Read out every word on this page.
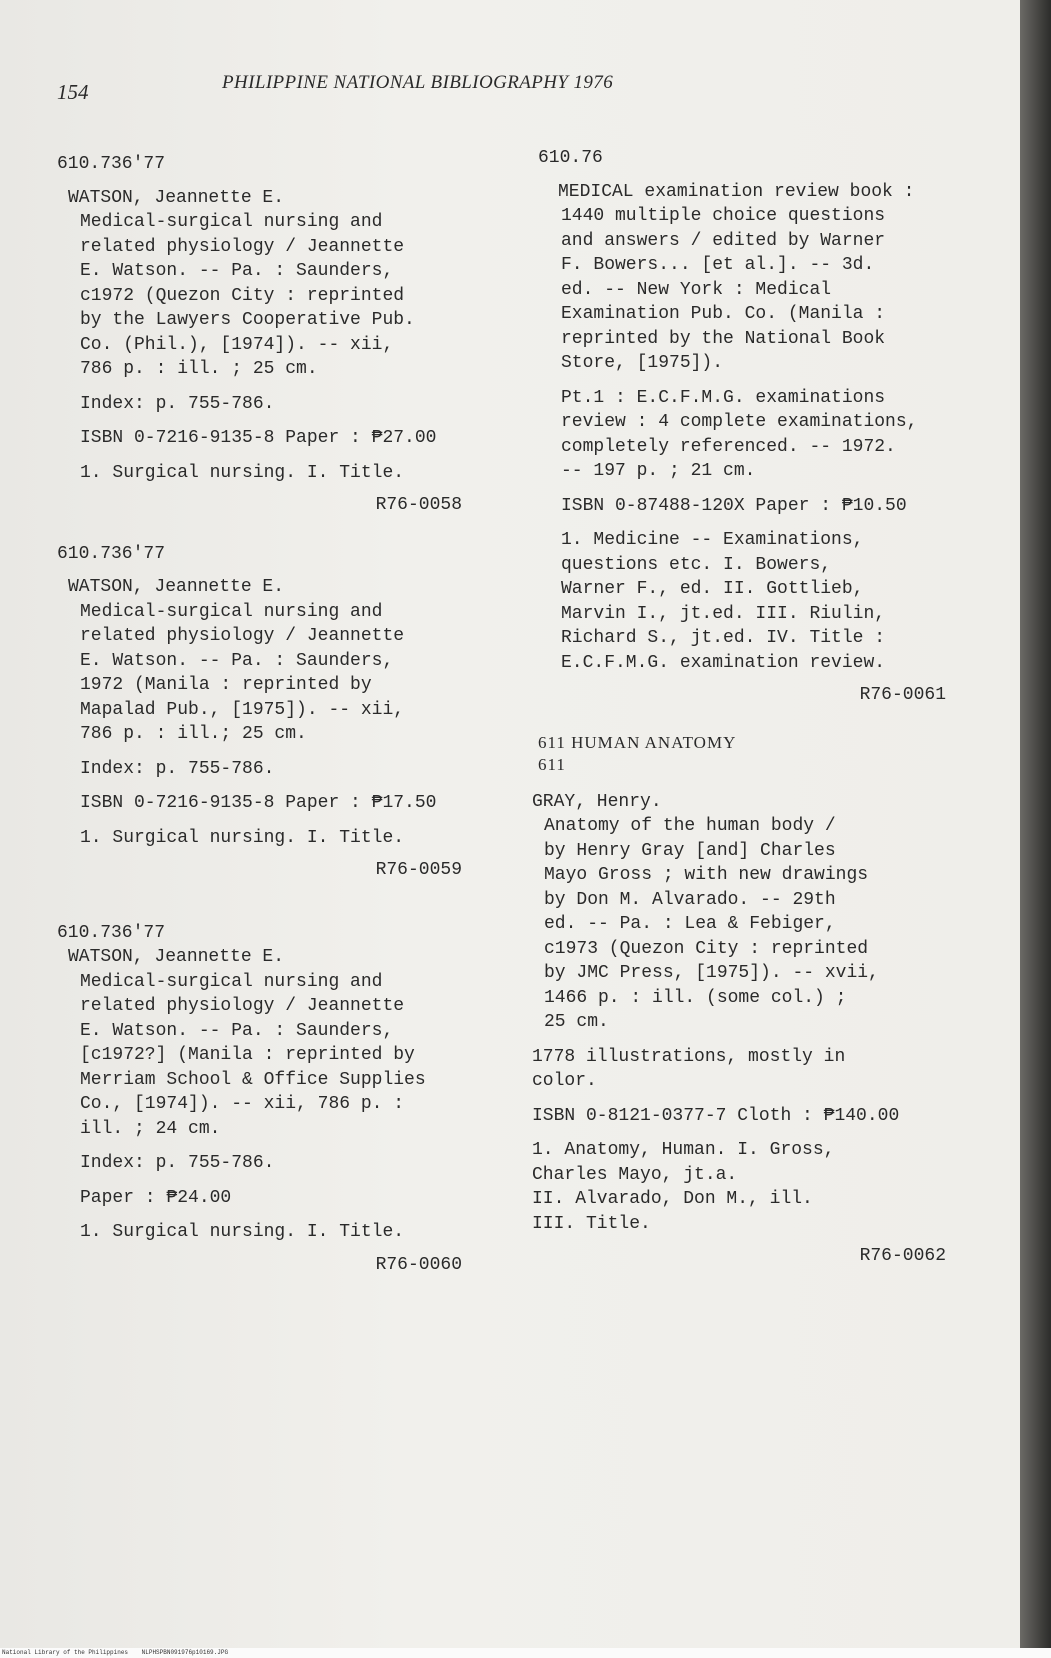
154	PHILIPPINE NATIONAL BIBLIOGRAPHY 1976
610.736'77
WATSON, Jeannette E.
Medical-surgical nursing and
related physiology / Jeannette
E. Watson. -- Pa. : Saunders,
c1972 (Quezon City : reprinted
by the Lawyers Cooperative Pub.
Co. (Phil.), [1974]). -- xii,
786 p. : ill. ; 25 cm.
Index: p. 755-786.
ISBN 0-7216-9135-8 Paper : ₱27.00
1. Surgical nursing. I. Title.
R76-0058
610.736'77
WATSON, Jeannette E.
Medical-surgical nursing and
related physiology / Jeannette
E. Watson. -- Pa. : Saunders,
1972 (Manila : reprinted by
Mapalad Pub., [1975]). -- xii,
786 p. : ill.; 25 cm.
Index: p. 755-786.
ISBN 0-7216-9135-8 Paper : ₱17.50
1. Surgical nursing. I. Title.
R76-0059
610.736'77
WATSON, Jeannette E.
Medical-surgical nursing and
related physiology / Jeannette
E. Watson. -- Pa. : Saunders,
[c1972?] (Manila : reprinted by
Merriam School & Office Supplies
Co., [1974]). -- xii, 786 p. :
ill. ; 24 cm.
Index: p. 755-786.
Paper : ₱24.00
1. Surgical nursing. I. Title.
R76-0060
610.76
MEDICAL examination review book :
1440 multiple choice questions
and answers / edited by Warner
F. Bowers... [et al.]. -- 3d.
ed. -- New York : Medical
Examination Pub. Co. (Manila :
reprinted by the National Book
Store, [1975]).
Pt.1 : E.C.F.M.G. examinations
review : 4 complete examinations,
completely referenced. -- 1972.
-- 197 p. ; 21 cm.
ISBN 0-87488-120X Paper : ₱10.50
1. Medicine -- Examinations,
questions etc. I. Bowers,
Warner F., ed. II. Gottlieb,
Marvin I., jt.ed. III. Riulin,
Richard S., jt.ed. IV. Title :
E.C.F.M.G. examination review.
R76-0061
611 HUMAN ANATOMY
611
GRAY, Henry.
Anatomy of the human body /
by Henry Gray [and] Charles
Mayo Gross ; with new drawings
by Don M. Alvarado. -- 29th
ed. -- Pa. : Lea & Febiger,
c1973 (Quezon City : reprinted
by JMC Press, [1975]). -- xvii,
1466 p. : ill. (some col.) ;
25 cm.
1778 illustrations, mostly in
color.
ISBN 0-8121-0377-7 Cloth : ₱140.00
1. Anatomy, Human. I. Gross,
Charles Mayo, jt.a.
II. Alvarado, Don M., ill.
III. Title.
R76-0062
National Library of the Philippines NLPHSPBN091976p10169.JPG
